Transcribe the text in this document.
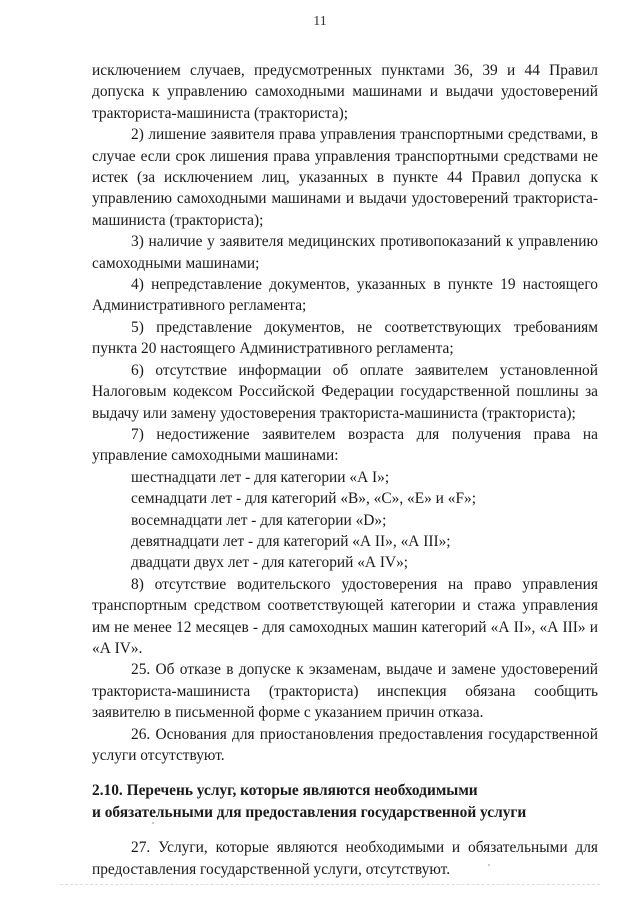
11

исключением случаев, предусмотренных пунктами 36, 39 и 44 Правил допуска к управлению самоходными машинами и выдачи удостоверений тракториста-машиниста (тракториста);

2) лишение заявителя права управления транспортными средствами, в случае если срок лишения права управления транспортными средствами не истек (за исключением лиц, указанных в пункте 44 Правил допуска к управлению самоходными машинами и выдачи удостоверений тракториста-машиниста (тракториста);

3) наличие у заявителя медицинских противопоказаний к управлению самоходными машинами;

4) непредставление документов, указанных в пункте 19 настоящего Административного регламента;

5) представление документов, не соответствующих требованиям пункта 20 настоящего Административного регламента;

6) отсутствие информации об оплате заявителем установленной Налоговым кодексом Российской Федерации государственной пошлины за выдачу или замену удостоверения тракториста-машиниста (тракториста);

7) недостижение заявителем возраста для получения права на управление самоходными машинами:

шестнадцати лет - для категории «А I»;

семнадцати лет - для категорий «В», «С», «Е» и «F»;

восемнадцати лет - для категории «D»;

девятнадцати лет - для категорий «А II», «А III»;

двадцати двух лет - для категорий «А IV»;

8) отсутствие водительского удостоверения на право управления транспортным средством соответствующей категории и стажа управления им не менее 12 месяцев - для самоходных машин категорий «А II», «А III» и «А IV».

25. Об отказе в допуске к экзаменам, выдаче и замене удостоверений тракториста-машиниста (тракториста) инспекция обязана сообщить заявителю в письменной форме с указанием причин отказа.

26. Основания для приостановления предоставления государственной услуги отсутствуют.

2.10. Перечень услуг, которые являются необходимыми

и обязательными для предоставления государственной услуги

27. Услуги, которые являются необходимыми и обязательными для предоставления государственной услуги, отсутствуют.
